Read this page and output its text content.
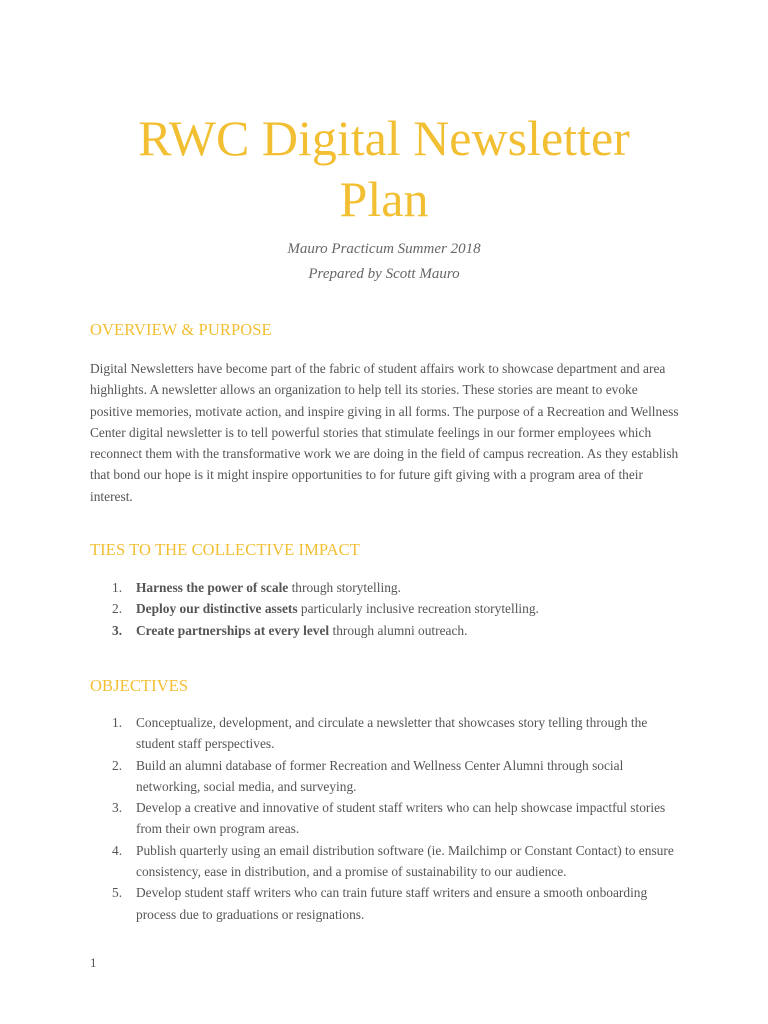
RWC Digital Newsletter
Plan
Mauro Practicum Summer 2018
Prepared by Scott Mauro
OVERVIEW & PURPOSE
Digital Newsletters have become part of the fabric of student affairs work to showcase department and area highlights. A newsletter allows an organization to help tell its stories. These stories are meant to evoke positive memories, motivate action, and inspire giving in all forms. The purpose of a Recreation and Wellness Center digital newsletter is to tell powerful stories that stimulate feelings in our former employees which reconnect them with the transformative work we are doing in the field of campus recreation. As they establish that bond our hope is it might inspire opportunities to for future gift giving with a program area of their interest.
TIES TO THE COLLECTIVE IMPACT
1. Harness the power of scale through storytelling.
2. Deploy our distinctive assets particularly inclusive recreation storytelling.
3. Create partnerships at every level through alumni outreach.
OBJECTIVES
1. Conceptualize, development, and circulate a newsletter that showcases story telling through the student staff perspectives.
2. Build an alumni database of former Recreation and Wellness Center Alumni through social networking, social media, and surveying.
3. Develop a creative and innovative of student staff writers who can help showcase impactful stories from their own program areas.
4. Publish quarterly using an email distribution software (ie. Mailchimp or Constant Contact) to ensure consistency, ease in distribution, and a promise of sustainability to our audience.
5. Develop student staff writers who can train future staff writers and ensure a smooth onboarding process due to graduations or resignations.
1
